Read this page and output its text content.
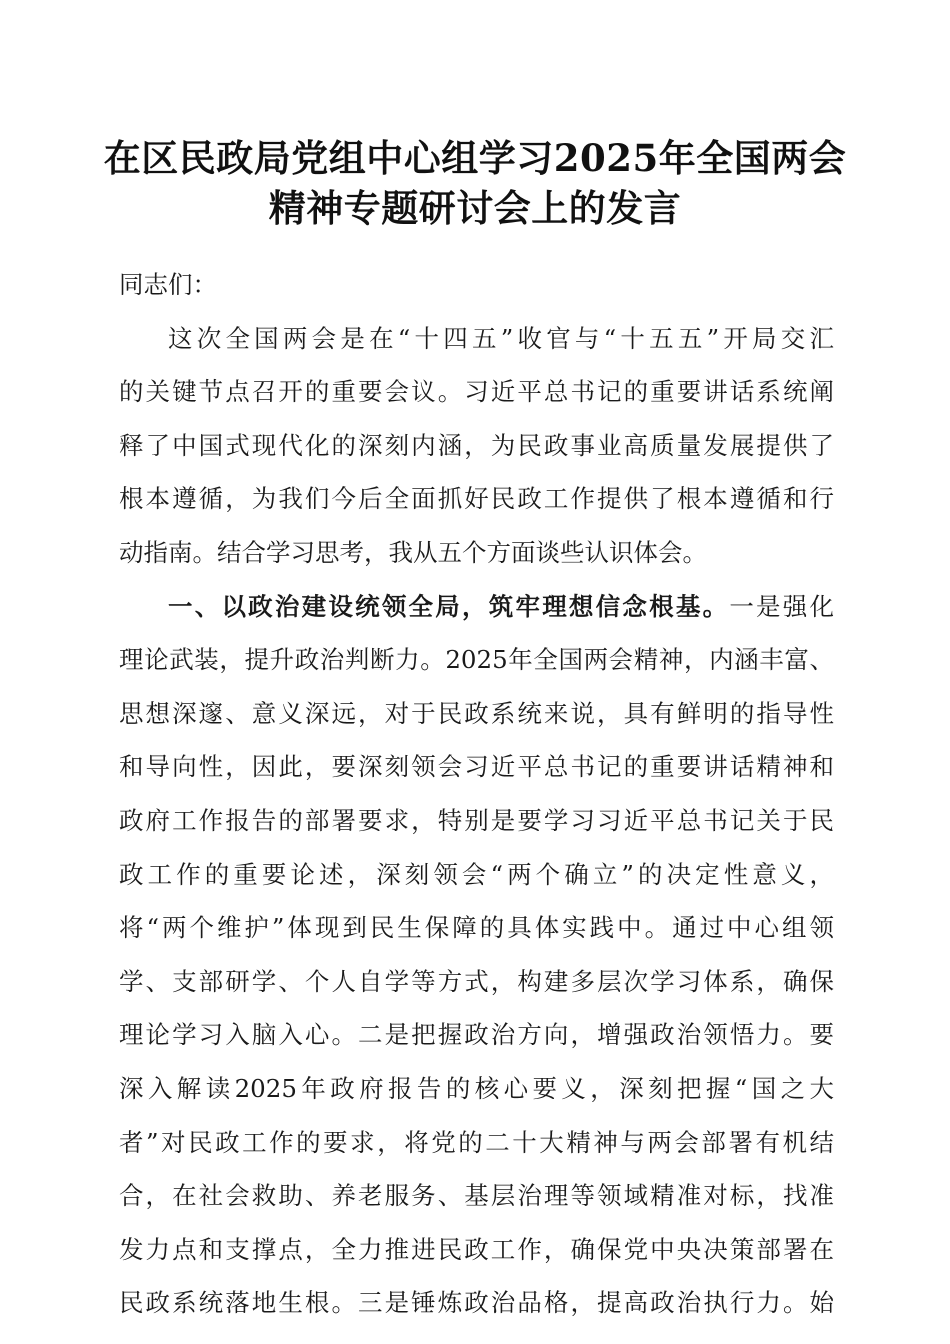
在区民政局党组中心组学习2025年全国两会
精神专题研讨会上的发言
同志们：
这次全国两会是在“十四五”收官与“十五五”开局交汇
的关键节点召开的重要会议。习近平总书记的重要讲话系统阐
释了中国式现代化的深刻内涵，为民政事业高质量发展提供了
根本遵循，为我们今后全面抓好民政工作提供了根本遵循和行
动指南。结合学习思考，我从五个方面谈些认识体会。
一、以政治建设统领全局，筑牢理想信念根基。一是强化
理论武装，提升政治判断力。2025年全国两会精神，内涵丰富、
思想深邃、意义深远，对于民政系统来说，具有鲜明的指导性
和导向性，因此，要深刻领会习近平总书记的重要讲话精神和
政府工作报告的部署要求，特别是要学习习近平总书记关于民
政工作的重要论述，深刻领会“两个确立”的决定性意义，
将“两个维护”体现到民生保障的具体实践中。通过中心组领
学、支部研学、个人自学等方式，构建多层次学习体系，确保
理论学习入脑入心。二是把握政治方向，增强政治领悟力。要
深入解读2025年政府报告的核心要义，深刻把握“国之大
者”对民政工作的要求，将党的二十大精神与两会部署有机结
合，在社会救助、养老服务、基层治理等领域精准对标，找准
发力点和支撑点，全力推进民政工作，确保党中央决策部署在
民政系统落地生根。三是锤炼政治品格，提高政治执行力。始
